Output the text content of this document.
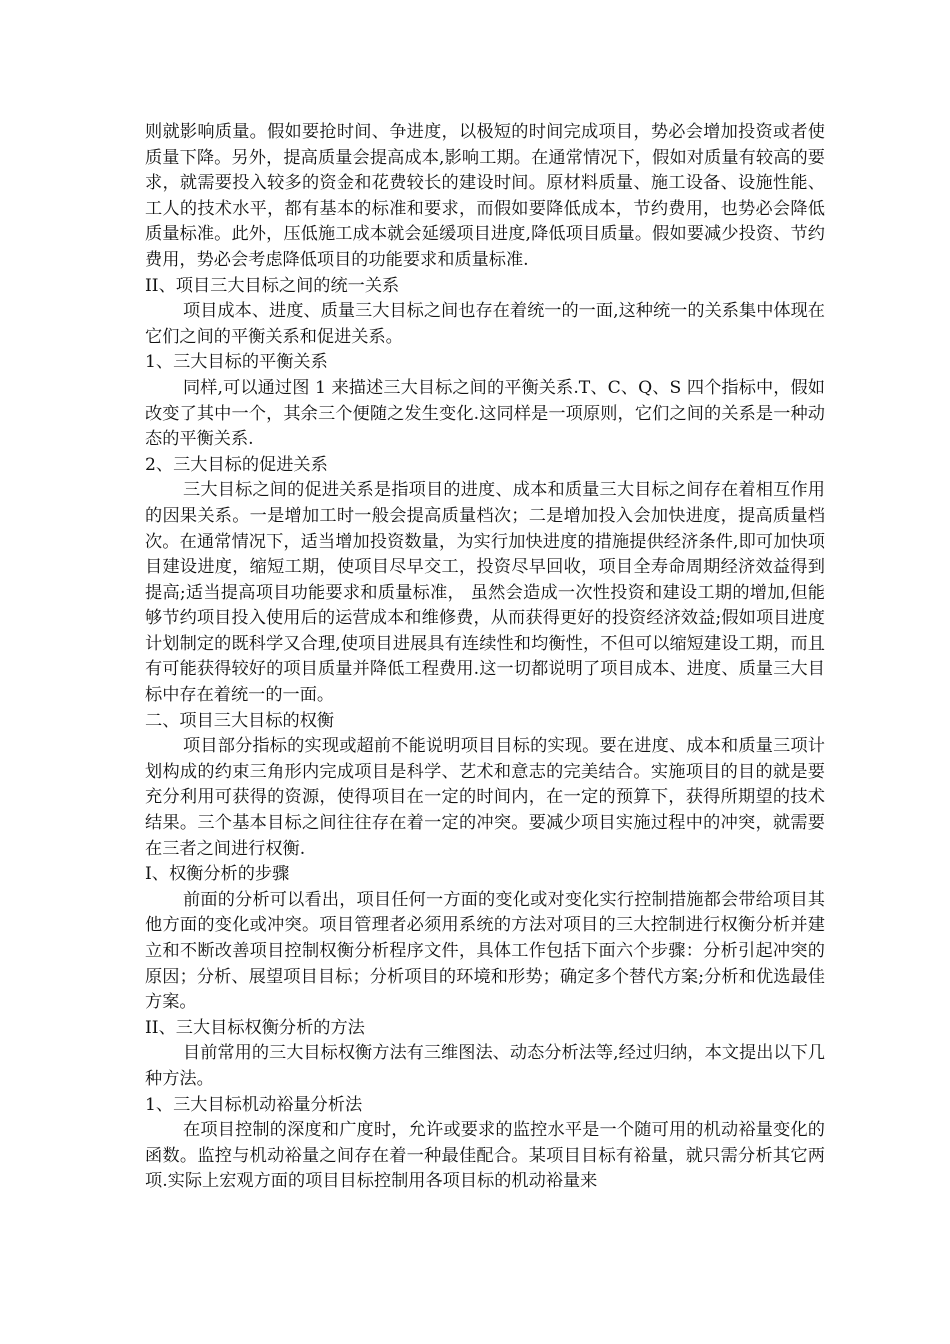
则就影响质量。假如要抢时间、争进度，以极短的时间完成项目，势必会增加投资或者使质量下降。另外，提高质量会提高成本,影响工期。在通常情况下，假如对质量有较高的要求，就需要投入较多的资金和花费较长的建设时间。原材料质量、施工设备、设施性能、工人的技术水平，都有基本的标准和要求，而假如要降低成本，节约费用，也势必会降低质量标准。此外，压低施工成本就会延缓项目进度,降低项目质量。假如要减少投资、节约费用，势必会考虑降低项目的功能要求和质量标准.

II、项目三大目标之间的统一关系

项目成本、进度、质量三大目标之间也存在着统一的一面,这种统一的关系集中体现在它们之间的平衡关系和促进关系。

1、三大目标的平衡关系

同样,可以通过图 1 来描述三大目标之间的平衡关系.T、C、Q、S 四个指标中，假如改变了其中一个，其余三个便随之发生变化.这同样是一项原则，它们之间的关系是一种动态的平衡关系.

2、三大目标的促进关系

三大目标之间的促进关系是指项目的进度、成本和质量三大目标之间存在着相互作用的因果关系。一是增加工时一般会提高质量档次；二是增加投入会加快进度，提高质量档次。在通常情况下，适当增加投资数量，为实行加快进度的措施提供经济条件,即可加快项目建设进度，缩短工期，使项目尽早交工，投资尽早回收，项目全寿命周期经济效益得到提高;适当提高项目功能要求和质量标准， 虽然会造成一次性投资和建设工期的增加,但能够节约项目投入使用后的运营成本和维修费，从而获得更好的投资经济效益;假如项目进度计划制定的既科学又合理,使项目进展具有连续性和均衡性，不但可以缩短建设工期，而且有可能获得较好的项目质量并降低工程费用.这一切都说明了项目成本、进度、质量三大目标中存在着统一的一面。

二、项目三大目标的权衡

项目部分指标的实现或超前不能说明项目目标的实现。要在进度、成本和质量三项计划构成的约束三角形内完成项目是科学、艺术和意志的完美结合。实施项目的目的就是要充分利用可获得的资源，使得项目在一定的时间内，在一定的预算下，获得所期望的技术结果。三个基本目标之间往往存在着一定的冲突。要减少项目实施过程中的冲突，就需要在三者之间进行权衡.

I、权衡分析的步骤

前面的分析可以看出，项目任何一方面的变化或对变化实行控制措施都会带给项目其他方面的变化或冲突。项目管理者必须用系统的方法对项目的三大控制进行权衡分析并建立和不断改善项目控制权衡分析程序文件，具体工作包括下面六个步骤：分析引起冲突的原因；分析、展望项目目标；分析项目的环境和形势；确定多个替代方案;分析和优选最佳方案。

II、三大目标权衡分析的方法

目前常用的三大目标权衡方法有三维图法、动态分析法等,经过归纳，本文提出以下几种方法。

1、三大目标机动裕量分析法

在项目控制的深度和广度时，允许或要求的监控水平是一个随可用的机动裕量变化的函数。监控与机动裕量之间存在着一种最佳配合。某项目目标有裕量，就只需分析其它两项.实际上宏观方面的项目目标控制用各项目标的机动裕量来
